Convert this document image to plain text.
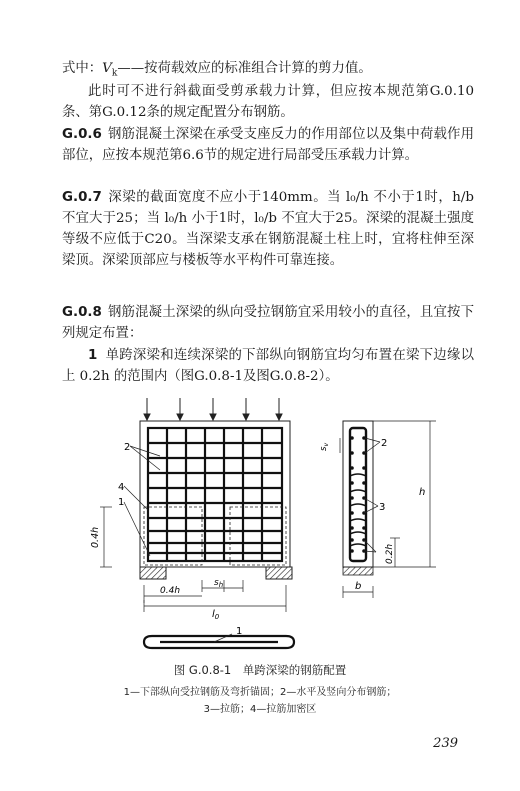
式中：$V_k——$按荷载效应的标准组合计算的剪力值。

此时可不进行斜截面受剪承载力计算，但应按本规范第G.0.10条、第G.0.12条的规定配置分布钢筋。

G.0.6 钢筋混凝土深梁在承受支座反力的作用部位以及集中荷载作用部位，应按本规范第6.6节的规定进行局部受压承载力计算。

G.0.7 深梁的截面宽度不应小于140mm。当 l₀/h 不小于1时，h/b 不宜大于25；当 l₀/h 小于1时，l₀/b 不宜大于25。深梁的混凝土强度等级不应低于C20。当深梁支承在钢筋混凝土柱上时，宜将柱伸至深梁顶。深梁顶部应与楼板等水平构件可靠连接。

G.0.8 钢筋混凝土深梁的纵向受拉钢筋宜采用较小的直径，且宜按下列规定布置：

1 单跨深梁和连续深梁的下部纵向钢筋宜均匀布置在梁下边缘以上 0.2h 的范围内（图G.0.8-1及图G.0.8-2）。

2
4
1
0.4h
$s_h$
0.4h
$l_0$
2
3
$s_v$
h
0.2h
b
1
图 G.0.8-1　单跨深梁的钢筋配置
1—下部纵向受拉钢筋及弯折锚固；2—水平及竖向分布钢筋；
3—拉筋；4—拉筋加密区
239
